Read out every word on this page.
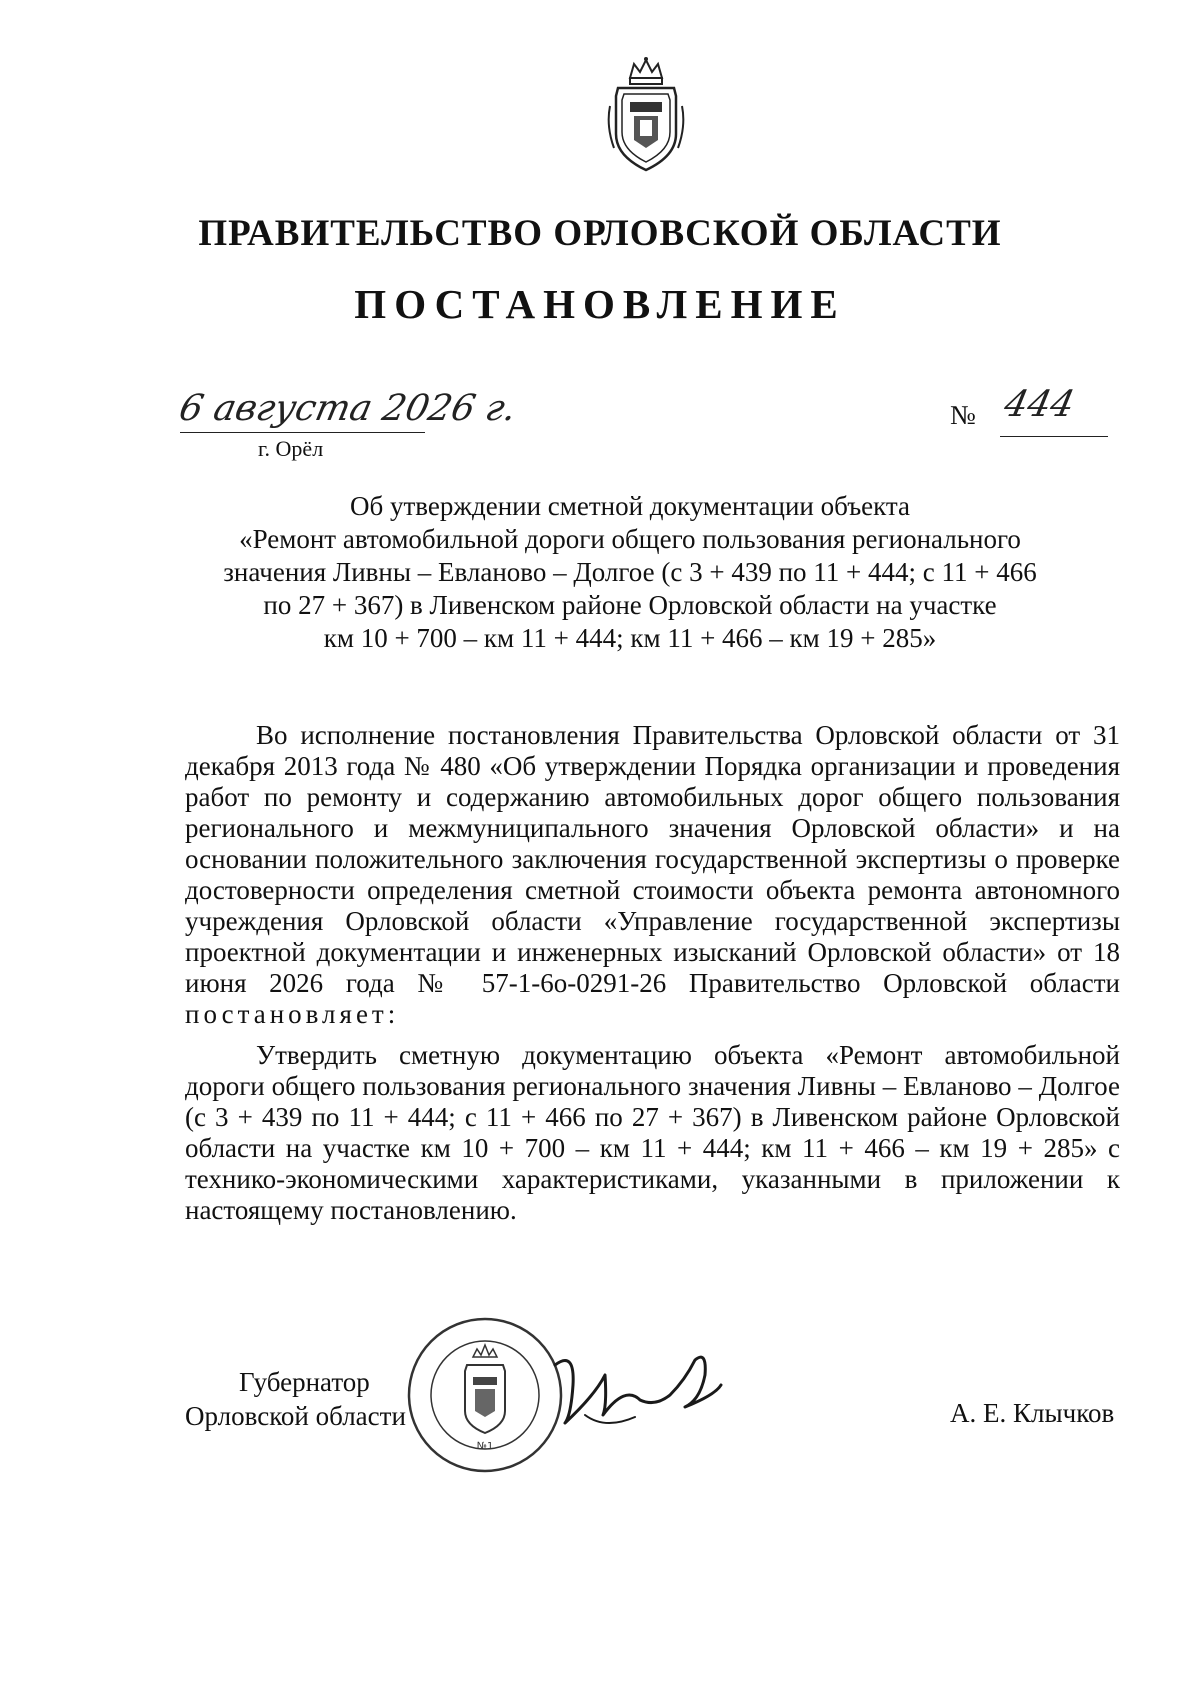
ПРАВИТЕЛЬСТВО ОРЛОВСКОЙ ОБЛАСТИ
ПОСТАНОВЛЕНИЕ
6 августа 2026 г.
г. Орёл
№ 444

Об утверждении сметной документации объекта
«Ремонт автомобильной дороги общего пользования регионального
значения Ливны – Евланово – Долгое (с 3 + 439 по 11 + 444; с 11 + 466
по 27 + 367) в Ливенском районе Орловской области на участке
км 10 + 700 – км 11 + 444; км 11 + 466 – км 19 + 285»

Во исполнение постановления Правительства Орловской области от 31 декабря 2013 года № 480 «Об утверждении Порядка организации и проведения работ по ремонту и содержанию автомобильных дорог общего пользования регионального и межмуниципального значения Орловской области» и на основании положительного заключения государственной экспертизы о проверке достоверности определения сметной стоимости объекта ремонта автономного учреждения Орловской области «Управление государственной экспертизы проектной документации и инженерных изысканий Орловской области» от 18 июня 2026 года № 57-1-6о-0291-26 Правительство Орловской области постановляет:

Утвердить сметную документацию объекта «Ремонт автомобильной дороги общего пользования регионального значения Ливны – Евланово – Долгое (с 3 + 439 по 11 + 444; с 11 + 466 по 27 + 367) в Ливенском районе Орловской области на участке км 10 + 700 – км 11 + 444; км 11 + 466 – км 19 + 285» с технико-экономическими характеристиками, указанными в приложении к настоящему постановлению.

Губернатор
Орловской области
№1
А. Е. Клычков
